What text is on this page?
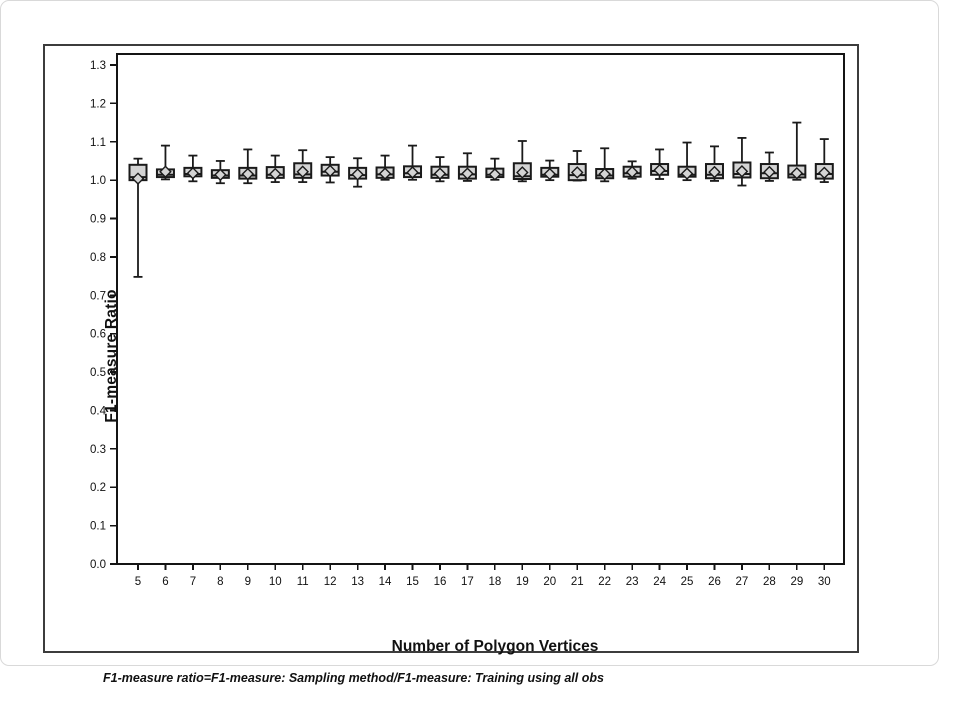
0.0
0.1
0.2
0.3
0.4
0.5
0.6
0.7
0.8
0.9
1.0
1.1
1.2
1.3
5 6 7 8 9 10 11 12 13 14 15 16 17 18 19 20 21 22 23 24 25 26 27 28 29 30
F1-measure Ratio
Number of Polygon Vertices
F1-measure ratio=F1-measure: Sampling method/F1-measure: Training using all obs
